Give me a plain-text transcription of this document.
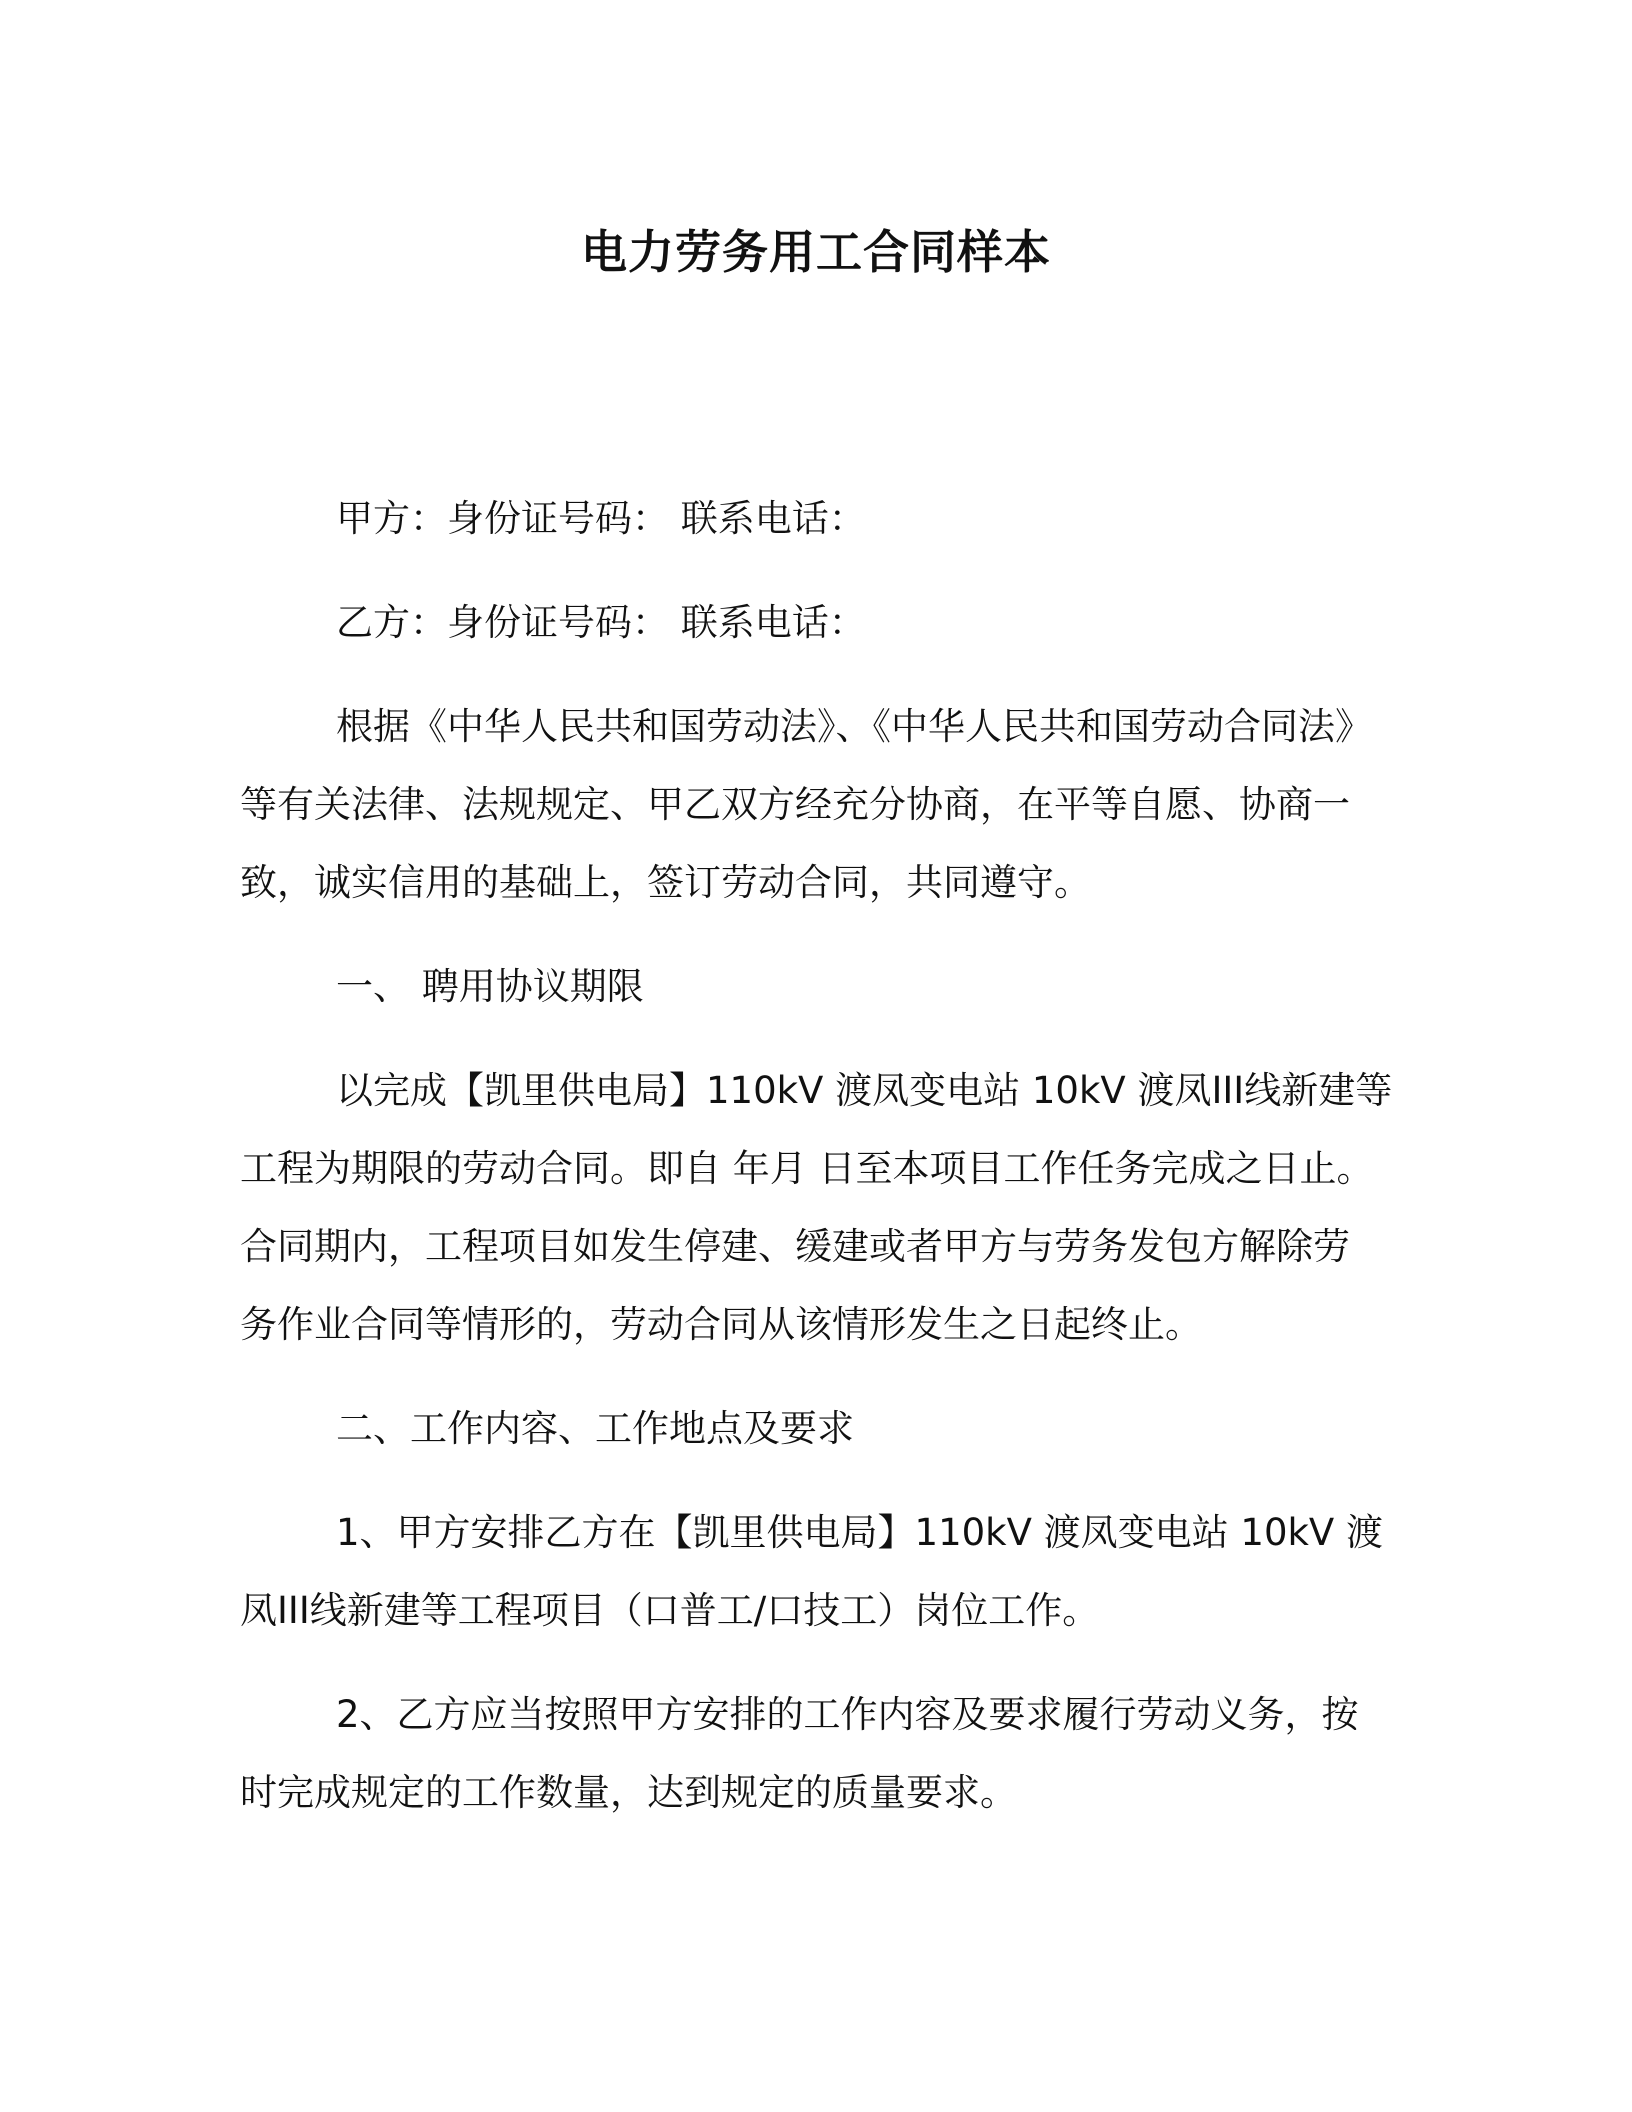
电力劳务用工合同样本
甲方：身份证号码： 联系电话：
乙方：身份证号码： 联系电话：
根据《中华人民共和国劳动法》、《中华人民共和国劳动合同法》
等有关法律、法规规定、甲乙双方经充分协商，在平等自愿、协商一
致，诚实信用的基础上，签订劳动合同，共同遵守。
一、 聘用协议期限
以完成【凯里供电局】110kV 渡凤变电站 10kV 渡凤III线新建等
工程为期限的劳动合同。即自 年月 日至本项目工作任务完成之日止。
合同期内，工程项目如发生停建、缓建或者甲方与劳务发包方解除劳
务作业合同等情形的，劳动合同从该情形发生之日起终止。
二、工作内容、工作地点及要求
1、甲方安排乙方在【凯里供电局】110kV 渡凤变电站 10kV 渡
凤III线新建等工程项目（口普工/口技工）岗位工作。
2、乙方应当按照甲方安排的工作内容及要求履行劳动义务，按
时完成规定的工作数量，达到规定的质量要求。
